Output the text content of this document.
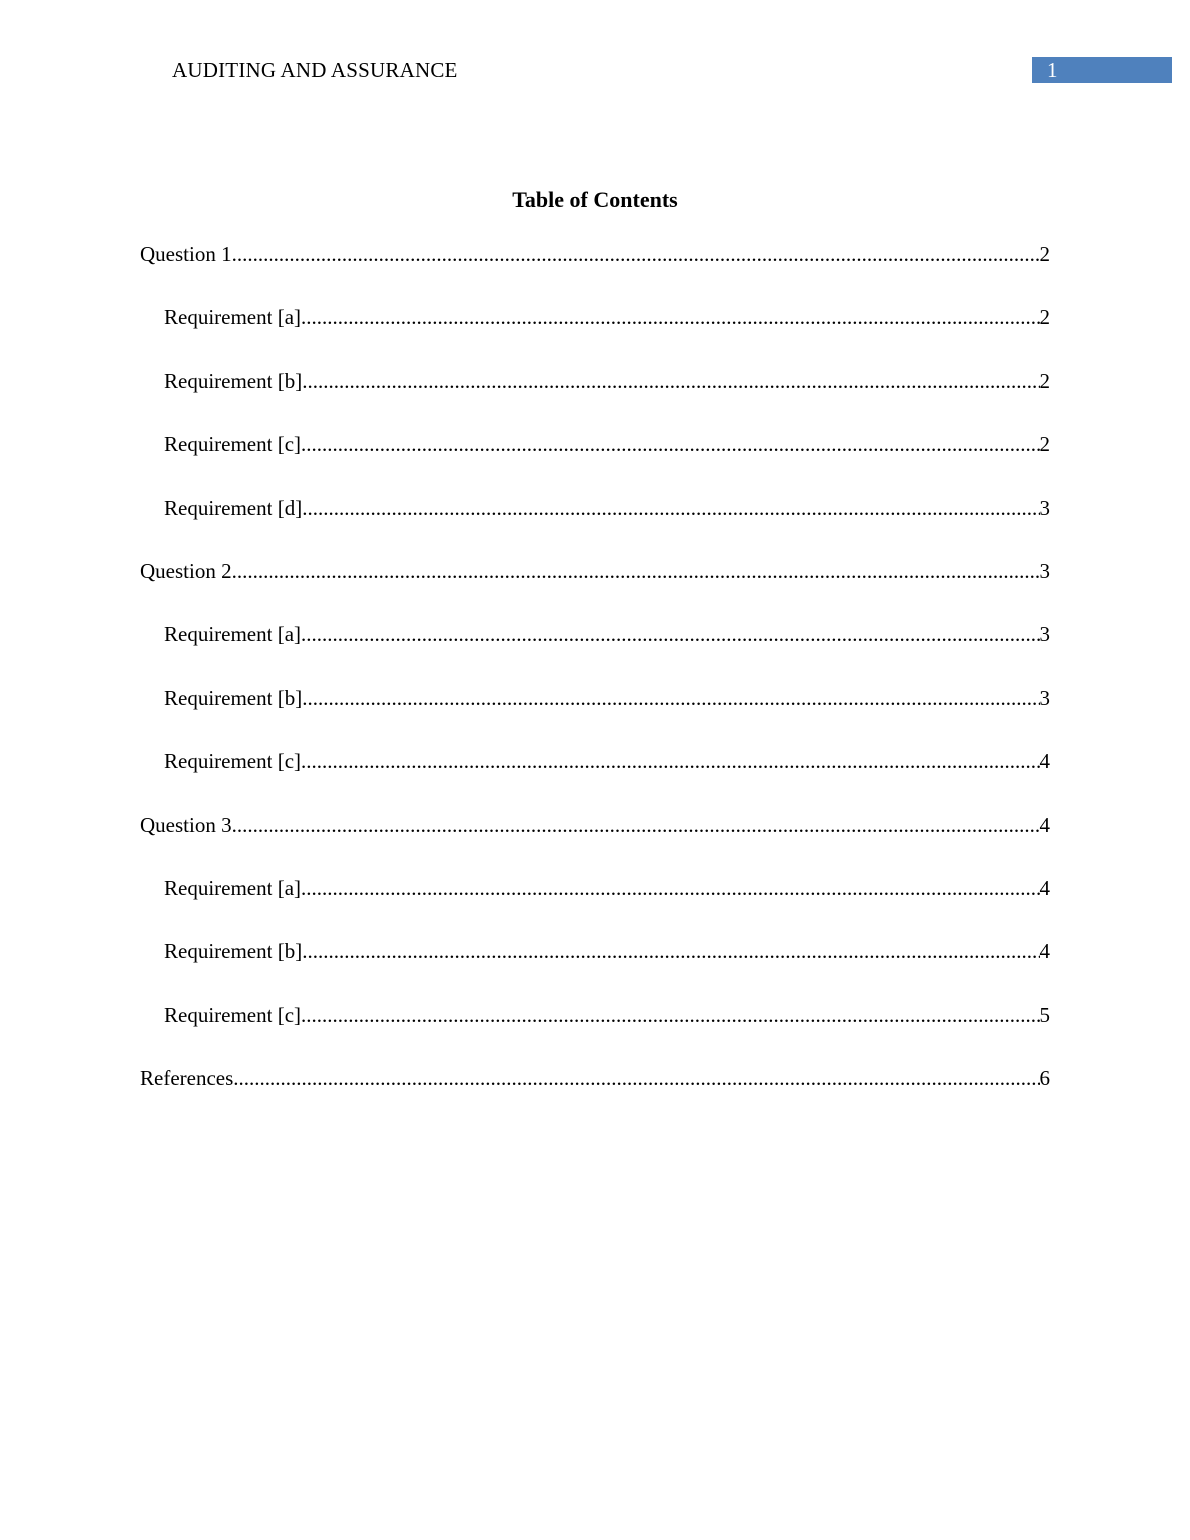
AUDITING AND ASSURANCE	1
Table of Contents
Question 1 .....	2
Requirement [a] .....	2
Requirement [b] .....	2
Requirement [c] .....	2
Requirement [d] .....	3
Question 2 .....	3
Requirement [a] .....	3
Requirement [b] .....	3
Requirement [c] .....	4
Question 3 .....	4
Requirement [a] .....	4
Requirement [b] .....	4
Requirement [c] .....	5
References .....	6
